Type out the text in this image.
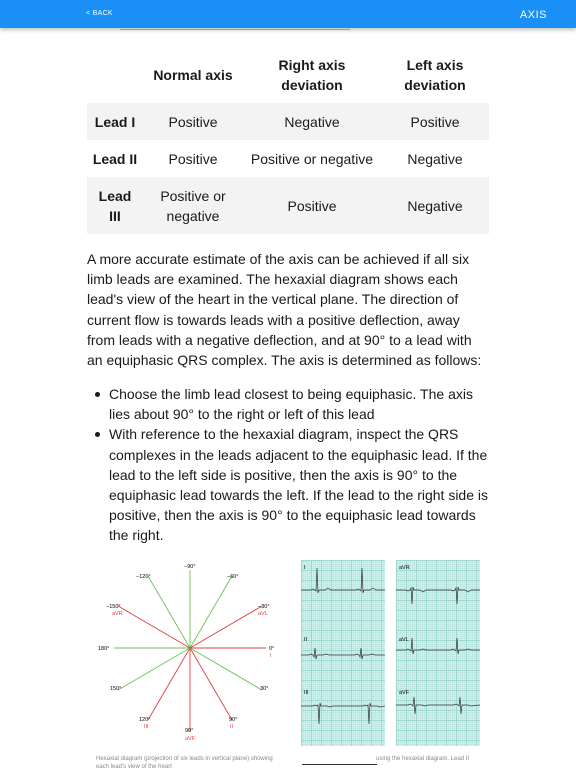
< BACK	AXIS
	Normal axis	Right axis deviation	Left axis deviation
Lead I	Positive	Negative	Positive
Lead II	Positive	Positive or negative	Negative
Lead III	Positive or negative	Positive	Negative

A more accurate estimate of the axis can be achieved if all six limb leads are examined. The hexaxial diagram shows each lead's view of the heart in the vertical plane. The direction of current flow is towards leads with a positive deflection, away from leads with a negative deflection, and at 90° to a lead with an equiphasic QRS complex. The axis is determined as follows:

Choose the limb lead closest to being equiphasic. The axis lies about 90° to the right or left of this lead
With reference to the hexaxial diagram, inspect the QRS complexes in the leads adjacent to the equiphasic lead. If the lead to the left side is positive, then the axis is 90° to the equiphasic lead towards the left. If the lead to the right side is positive, then the axis is 90° to the equiphasic lead towards the right.
−90°
−120°	−60°
−150°
aVR
−30°
aVL
180°	0°
I
150°	30°
120°
III
90°
II
90°
aVF
I
II
III
aVR
aVL
aVF
Hexaxial diagram (projection of six leads in vertical plane) showing each lead's view of the heart
using the hexaxial diagram. Lead II
